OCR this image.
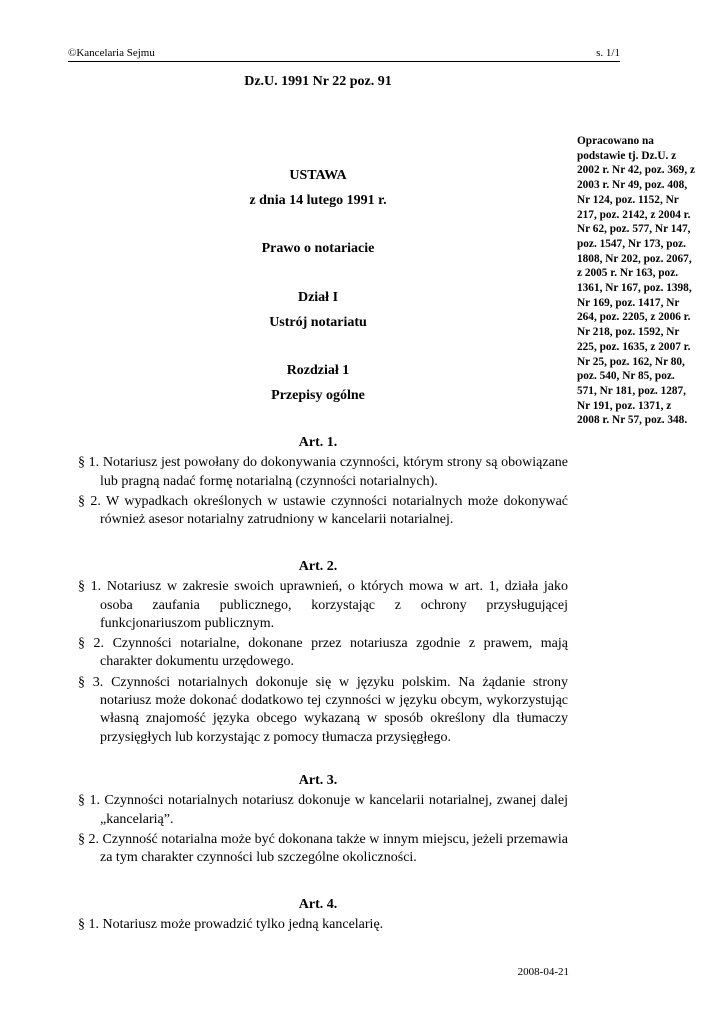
©Kancelaria Sejmu	s. 1/1
Dz.U. 1991 Nr 22 poz. 91
USTAWA
z dnia 14 lutego 1991 r.
Prawo o notariacie
Dział I
Ustrój notariatu
Rozdział 1
Przepisy ogólne
Opracowano na podstawie tj. Dz.U. z 2002 r. Nr 42, poz. 369, z 2003 r. Nr 49, poz. 408, Nr 124, poz. 1152, Nr 217, poz. 2142, z 2004 r. Nr 62, poz. 577, Nr 147, poz. 1547, Nr 173, poz. 1808, Nr 202, poz. 2067, z 2005 r. Nr 163, poz. 1361, Nr 167, poz. 1398, Nr 169, poz. 1417, Nr 264, poz. 2205, z 2006 r. Nr 218, poz. 1592, Nr 225, poz. 1635, z 2007 r. Nr 25, poz. 162, Nr 80, poz. 540, Nr 85, poz. 571, Nr 181, poz. 1287, Nr 191, poz. 1371, z 2008 r. Nr 57, poz. 348.
Art. 1.

§ 1. Notariusz jest powołany do dokonywania czynności, którym strony są obowiązane lub pragną nadać formę notarialną (czynności notarialnych).

§ 2. W wypadkach określonych w ustawie czynności notarialnych może dokonywać również asesor notarialny zatrudniony w kancelarii notarialnej.

Art. 2.

§ 1. Notariusz w zakresie swoich uprawnień, o których mowa w art. 1, działa jako osoba zaufania publicznego, korzystając z ochrony przysługującej funkcjonariuszom publicznym.

§ 2. Czynności notarialne, dokonane przez notariusza zgodnie z prawem, mają charakter dokumentu urzędowego.

§ 3. Czynności notarialnych dokonuje się w języku polskim. Na żądanie strony notariusz może dokonać dodatkowo tej czynności w języku obcym, wykorzystując własną znajomość języka obcego wykazaną w sposób określony dla tłumaczy przysięgłych lub korzystając z pomocy tłumacza przysięgłego.

Art. 3.

§ 1. Czynności notarialnych notariusz dokonuje w kancelarii notarialnej, zwanej dalej „kancelarią”.

§ 2. Czynność notarialna może być dokonana także w innym miejscu, jeżeli przemawia za tym charakter czynności lub szczególne okoliczności.

Art. 4.

§ 1. Notariusz może prowadzić tylko jedną kancelarię.

2008-04-21
